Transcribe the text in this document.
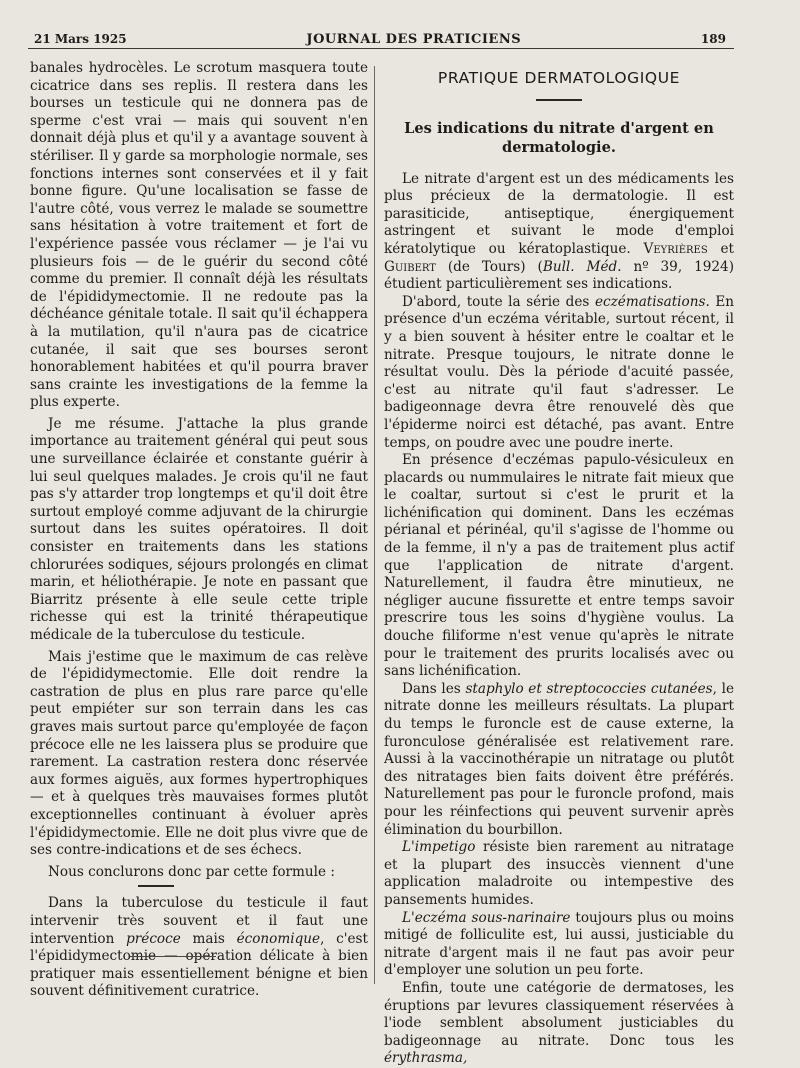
21 Mars 1925	JOURNAL DES PRATICIENS	189

banales hydrocèles. Le scrotum masquera toute cicatrice dans ses replis. Il restera dans les bourses un testicule qui ne donnera pas de sperme c'est vrai — mais qui souvent n'en donnait déjà plus et qu'il y a avantage souvent à stériliser. Il y garde sa morphologie normale, ses fonctions internes sont conservées et il y fait bonne figure. Qu'une localisation se fasse de l'autre côté, vous verrez le malade se soumettre sans hésitation à votre traitement et fort de l'expérience passée vous réclamer — je l'ai vu plusieurs fois — de le guérir du second côté comme du premier. Il connaît déjà les résultats de l'épididymectomie. Il ne redoute pas la déchéance génitale totale. Il sait qu'il échappera à la mutilation, qu'il n'aura pas de cicatrice cutanée, il sait que ses bourses seront honorablement habitées et qu'il pourra braver sans crainte les investigations de la femme la plus experte.

Je me résume. J'attache la plus grande importance au traitement général qui peut sous une surveillance éclairée et constante guérir à lui seul quelques malades. Je crois qu'il ne faut pas s'y attarder trop longtemps et qu'il doit être surtout employé comme adjuvant de la chirurgie surtout dans les suites opératoires. Il doit consister en traitements dans les stations chlorurées sodiques, séjours prolongés en climat marin, et héliothérapie. Je note en passant que Biarritz présente à elle seule cette triple richesse qui est la trinité thérapeutique médicale de la tuberculose du testicule.

Mais j'estime que le maximum de cas relève de l'épididymectomie. Elle doit rendre la castration de plus en plus rare parce qu'elle peut empiéter sur son terrain dans les cas graves mais surtout parce qu'employée de façon précoce elle ne les laissera plus se produire que rarement. La castration restera donc réservée aux formes aiguës, aux formes hypertrophiques — et à quelques très mauvaises formes plutôt exceptionnelles continuant à évoluer après l'épididymectomie. Elle ne doit plus vivre que de ses contre-indications et de ses échecs.

Nous conclurons donc par cette formule :

Dans la tuberculose du testicule il faut intervenir très souvent et il faut une intervention précoce mais économique, c'est l'épididymectomie — opération délicate à bien pratiquer mais essentiellement bénigne et bien souvent définitivement curatrice.

PRATIQUE DERMATOLOGIQUE
Les indications du nitrate d'argent en dermatologie.

Le nitrate d'argent est un des médicaments les plus précieux de la dermatologie. Il est parasiticide, antiseptique, énergiquement astringent et suivant le mode d'emploi kératolytique ou kératoplastique. Veyrières et Guibert (de Tours) (Bull. Méd. nº 39, 1924) étudient particulièrement ses indications.

D'abord, toute la série des eczématisations. En présence d'un eczéma véritable, surtout récent, il y a bien souvent à hésiter entre le coaltar et le nitrate. Presque toujours, le nitrate donne le résultat voulu. Dès la période d'acuité passée, c'est au nitrate qu'il faut s'adresser. Le badigeonnage devra être renouvelé dès que l'épiderme noirci est détaché, pas avant. Entre temps, on poudre avec une poudre inerte.

En présence d'eczémas papulo-vésiculeux en placards ou nummulaires le nitrate fait mieux que le coaltar, surtout si c'est le prurit et la lichénification qui dominent. Dans les eczémas périanal et périnéal, qu'il s'agisse de l'homme ou de la femme, il n'y a pas de traitement plus actif que l'application de nitrate d'argent. Naturellement, il faudra être minutieux, ne négliger aucune fissurette et entre temps savoir prescrire tous les soins d'hygiène voulus. La douche filiforme n'est venue qu'après le nitrate pour le traitement des prurits localisés avec ou sans lichénification.

Dans les staphylo et streptococcies cutanées, le nitrate donne les meilleurs résultats. La plupart du temps le furoncle est de cause externe, la furonculose généralisée est relativement rare. Aussi à la vaccinothérapie un nitratage ou plutôt des nitratages bien faits doivent être préférés. Naturellement pas pour le furoncle profond, mais pour les réinfections qui peuvent survenir après élimination du bourbillon.

L'impetigo résiste bien rarement au nitratage et la plupart des insuccès viennent d'une application maladroite ou intempestive des pansements humides.

L'eczéma sous-narinaire toujours plus ou moins mitigé de folliculite est, lui aussi, justiciable du nitrate d'argent mais il ne faut pas avoir peur d'employer une solution un peu forte.

Enfin, toute une catégorie de dermatoses, les éruptions par levures classiquement réservées à l'iode semblent absolument justiciables du badigeonnage au nitrate. Donc tous les érythrasma,
